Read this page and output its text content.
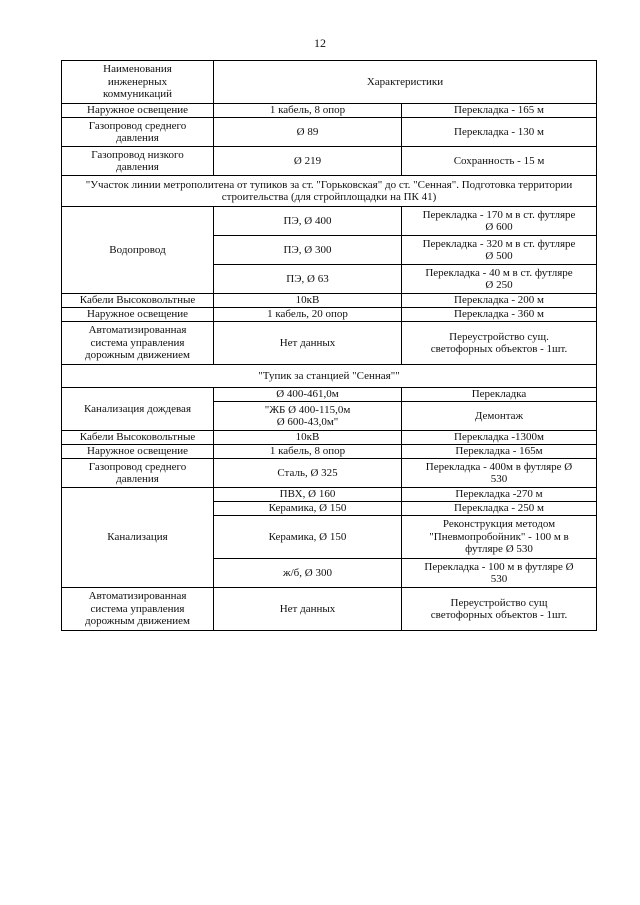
12
Наименования
инженерных
коммуникаций	Характеристики	
Наружное освещение	1 кабель, 8 опор	Перекладка - 165 м
Газопровод среднего
давления	Ø 89	Перекладка - 130 м
Газопровод низкого
давления	Ø 219	Сохранность - 15 м
"Участок линии метрополитена от тупиков за ст. "Горьковская" до ст. "Сенная". Подготовка территории строительства (для стройплощадки на ПК 41)		
Водопровод	ПЭ, Ø 400	Перекладка - 170 м в ст. футляре
Ø 600
	ПЭ, Ø 300	Перекладка - 320 м в ст. футляре
Ø 500
	ПЭ, Ø 63	Перекладка - 40 м в ст. футляре
Ø 250
Кабели Высоковольтные	10кВ	Перекладка - 200 м
Наружное освещение	1 кабель, 20 опор	Перекладка - 360 м
Автоматизированная
система управления
дорожным движением	Нет данных	Переустройство сущ.
светофорных объектов - 1шт.
"Тупик за станцией "Сенная""		
Канализация дождевая	Ø 400-461,0м	Перекладка
	"ЖБ Ø 400-115,0м
Ø 600-43,0м"	Демонтаж
Кабели Высоковольтные	10кВ	Перекладка -1300м
Наружное освещение	1 кабель, 8 опор	Перекладка - 165м
Газопровод среднего
давления	Сталь, Ø 325	Перекладка - 400м в футляре Ø
530
Канализация	ПВХ, Ø 160	Перекладка -270 м
	Керамика, Ø 150	Перекладка - 250 м
	Керамика, Ø 150	Реконструкция методом
"Пневмопробойник" - 100 м в
футляре Ø 530
	ж/б, Ø 300	Перекладка - 100 м в футляре Ø
530
Автоматизированная
система управления
дорожным движением	Нет данных	Переустройство сущ
светофорных объектов - 1шт.
